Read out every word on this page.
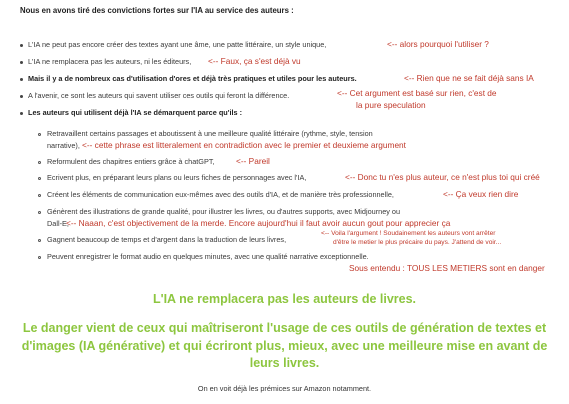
Nous en avons tiré des convictions fortes sur l'IA au service des auteurs :
L'IA ne peut pas encore créer des textes ayant une âme, une patte littéraire, un style unique,	<-- alors pourquoi l'utiliser ?
L'IA ne remplacera pas les auteurs, ni les éditeurs, <-- Faux, ça s'est déjà vu
Mais il y a de nombreux cas d'utilisation d'ores et déjà très pratiques et utiles pour les auteurs.	<-- Rien que ne se fait déjà sans IA
A l'avenir, ce sont les auteurs qui savent utiliser ces outils qui feront la différence.	<-- Cet argument est basé sur rien, c'est de
la pure speculation
Les auteurs qui utilisent déjà l'IA se démarquent parce qu'ils :
Retravaillent certains passages et aboutissent à une meilleure qualité littéraire (rythme, style, tension
narrative), <-- cette phrase est litteralement en contradiction avec le premier et deuxieme argument
Reformulent des chapitres entiers grâce à chatGPT,	<-- Pareil
Ecrivent plus, en préparant leurs plans ou leurs fiches de personnages avec l'IA,	<-- Donc tu n'es plus auteur, ce n'est plus toi qui créé
Créent les éléments de communication eux-mêmes avec des outils d'IA, et de manière très professionnelle,	<-- Ça veux rien dire
Génèrent des illustrations de grande qualité, pour illustrer les livres, ou d'autres supports, avec Midjourney ou
Dall-E,
<-- Naaan, c'est objectivement de la merde. Encore aujourd'hui il faut avoir aucun gout pour apprecier ça
Gagnent beaucoup de temps et d'argent dans la traduction de leurs livres,
<-- Voila l'argument ! Soudainement les auteurs vont arrêter
d'être le metier le plus précaire du pays. J'attend de voir...
Peuvent enregistrer le format audio en quelques minutes, avec une qualité narrative exceptionnelle.
Sous entendu : TOUS LES METIERS sont en danger
L'IA ne remplacera pas les auteurs de livres.
Le danger vient de ceux qui maîtriseront l'usage de ces outils de génération de textes et d'images (IA générative) et qui écriront plus, mieux, avec une meilleure mise en avant de leurs livres.
On en voit déjà les prémices sur Amazon notamment.
